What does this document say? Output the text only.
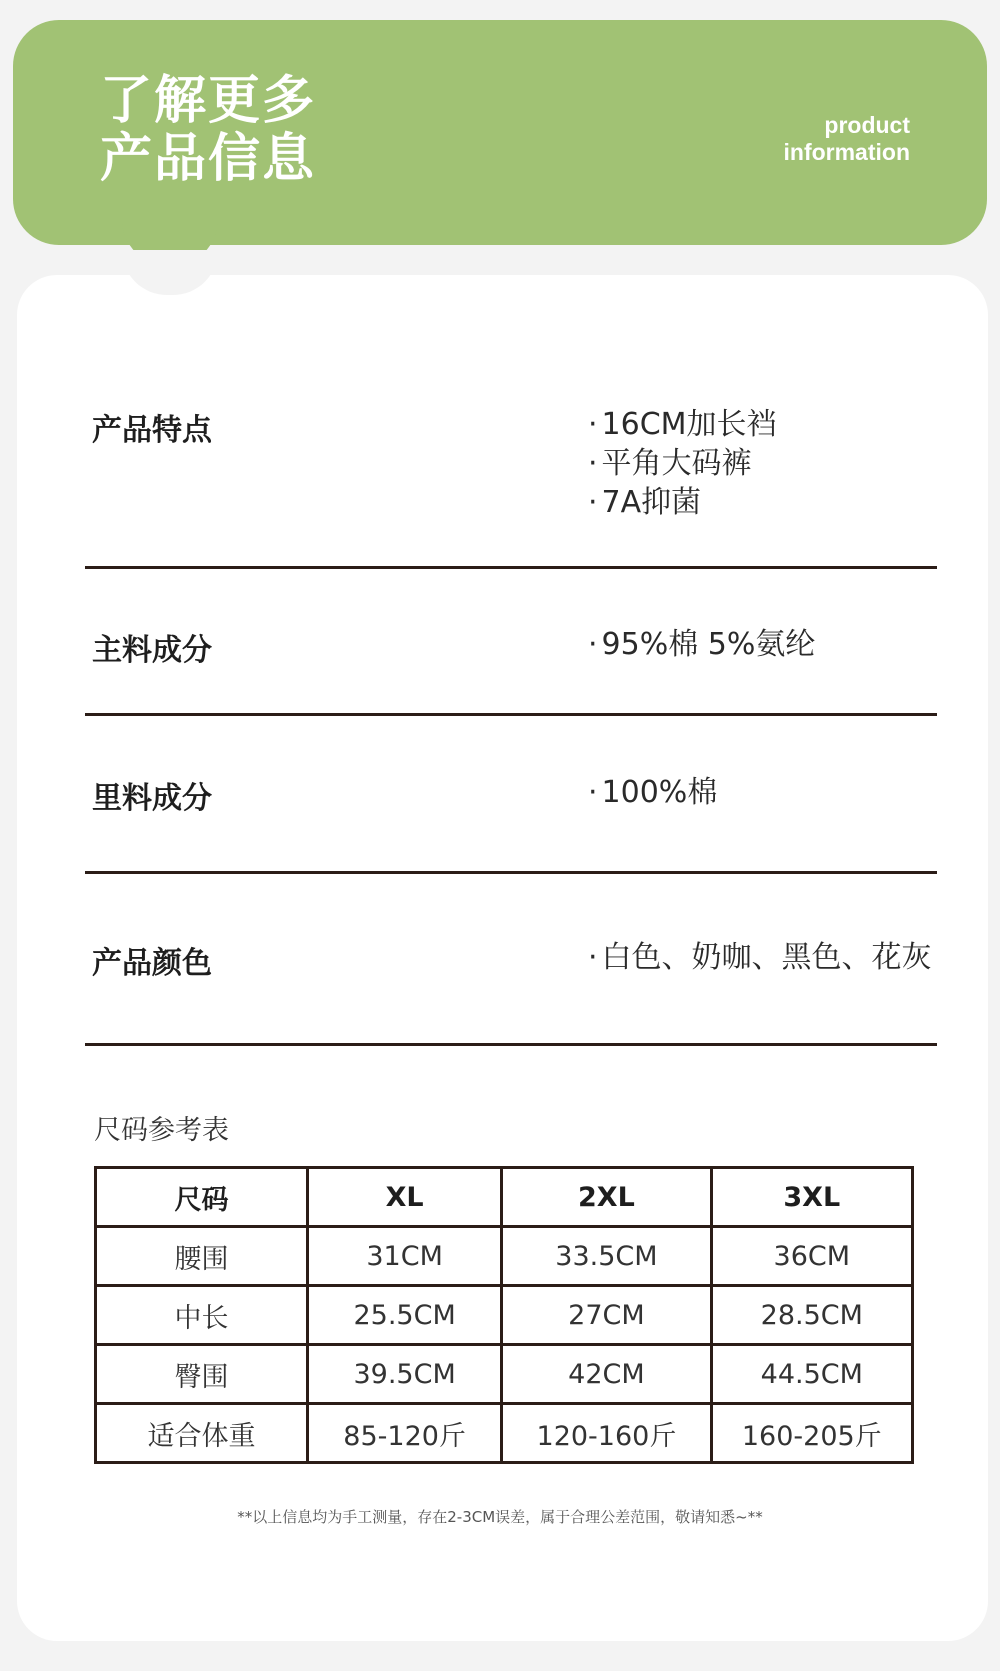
了解更多
产品信息
product
information
产品特点	· 16CM加长裆
· 平角大码裤
· 7A抑菌
主料成分	· 95%棉 5%氨纶
里料成分	· 100%棉
产品颜色	· 白色、奶咖、黑色、花灰
尺码参考表
尺码	XL	2XL	3XL
腰围	31CM	33.5CM	36CM
中长	25.5CM	27CM	28.5CM
臀围	39.5CM	42CM	44.5CM
适合体重	85-120斤	120-160斤	160-205斤
**以上信息均为手工测量，存在2-3CM误差，属于合理公差范围，敬请知悉~**
